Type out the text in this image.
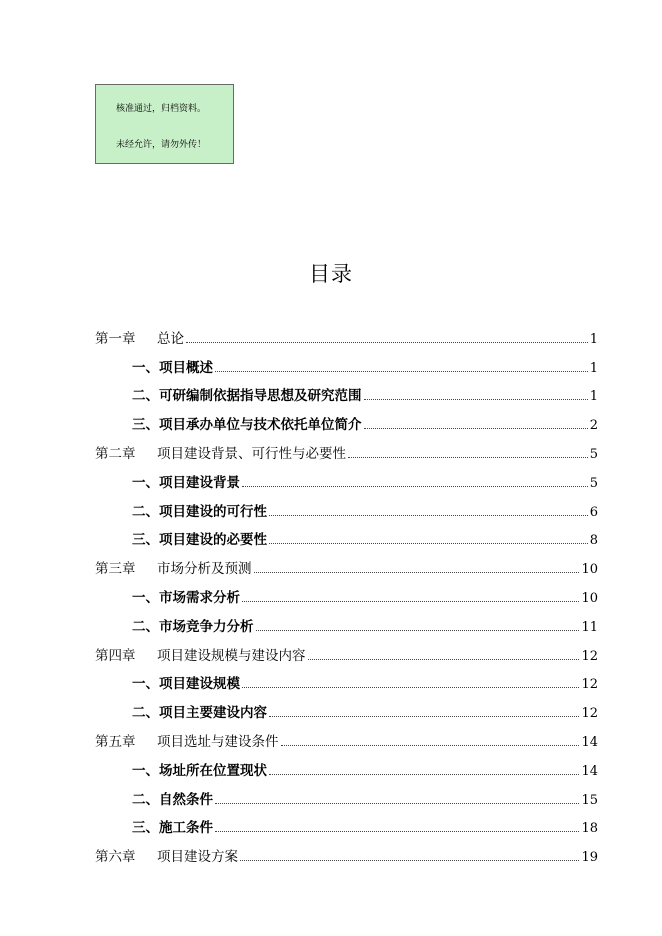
核准通过，归档资料。
未经允许，请勿外传！
目录
第一章 总论	1
一、项目概述	1
二、可研编制依据指导思想及研究范围	1
三、项目承办单位与技术依托单位简介	2
第二章 项目建设背景、可行性与必要性	5
一、项目建设背景	5
二、项目建设的可行性	6
三、项目建设的必要性	8
第三章 市场分析及预测	10
一、市场需求分析	10
二、市场竞争力分析	11
第四章 项目建设规模与建设内容	12
一、项目建设规模	12
二、项目主要建设内容	12
第五章 项目选址与建设条件	14
一、场址所在位置现状	14
二、自然条件	15
三、施工条件	18
第六章 项目建设方案	19
